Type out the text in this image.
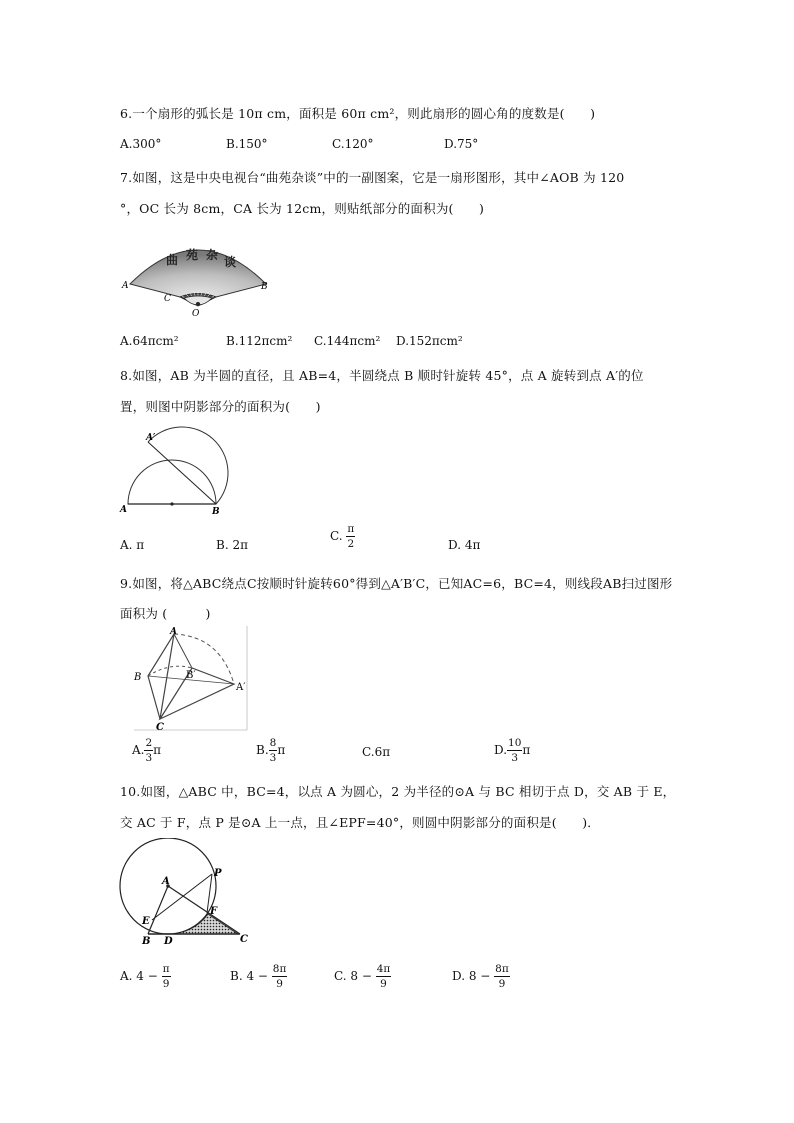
6.一个扇形的弧长是 10π cm，面积是 60π cm²，则此扇形的圆心角的度数是(　　)
A.300°	B.150°	C.120°	D.75°
7.如图，这是中央电视台“曲苑杂谈”中的一副图案，它是一扇形图形，其中∠AOB 为 120
°，OC 长为 8cm，CA 长为 12cm，则贴纸部分的面积为(　　)
曲 苑 杂 谈
A	B
C
O
A.64πcm²	B.112πcm² C.144πcm² D.152πcm²
8.如图，AB 为半圆的直径，且 AB=4，半圆绕点 B 顺时针旋转 45°，点 A 旋转到点 A′的位
置，则图中阴影部分的面积为(　　)
A′
A	B
A. π	B. 2π
C. $\frac{\pi}{2}$	D. 4π
9.如图，将△ABC绕点C按顺时针旋转60°得到△A′B′C，已知AC=6，BC=4，则线段AB扫过图形
面积为 (　　　)
A
B	B′
A′
C
A. $\frac{2}{3}$ π	B. $\frac{8}{3}$ π	C.6π	D. $\frac{10}{3}$ π
10.如图，△ABC 中，BC=4，以点 A 为圆心，2 为半径的⊙A 与 BC 相切于点 D，交 AB 于 E，
交 AC 于 F，点 P 是⊙A 上一点，且∠EPF=40°，则圆中阴影部分的面积是(　　)．
A
P
E
F
B D	C
A. $4 - \frac{\pi}{9}$	B. $4 - \frac{8\pi}{9}$	C. $8 - \frac{4\pi}{9}$	D. $8 - \frac{8\pi}{9}$
